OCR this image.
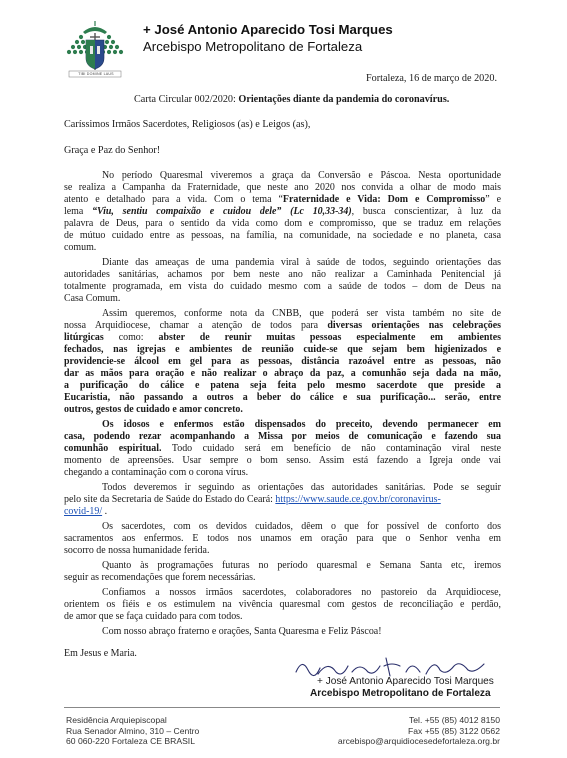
TIBI DOMINE LAUS
+ José Antonio Aparecido Tosi Marques
Arcebispo Metropolitano de Fortaleza
Fortaleza, 16 de março de 2020.
Carta Circular 002/2020: Orientações diante da pandemia do coronavírus.
Caríssimos Irmãos Sacerdotes, Religiosos (as) e Leigos (as),
Graça e Paz do Senhor!
No período Quaresmal viveremos a graça da Conversão e Páscoa. Nesta oportunidade
se realiza a Campanha da Fraternidade, que neste ano 2020 nos convida a olhar de modo mais
atento e detalhado para a vida. Com o tema “Fraternidade e Vida: Dom e Compromisso” e
lema “Viu, sentiu compaixão e cuidou dele” (Lc 10,33-34), busca conscientizar, à luz da
palavra de Deus, para o sentido da vida como dom e compromisso, que se traduz em relações
de mútuo cuidado entre as pessoas, na família, na comunidade, na sociedade e no planeta, casa
comum.
Diante das ameaças de uma pandemia viral à saúde de todos, seguindo orientações das
autoridades sanitárias, achamos por bem neste ano não realizar a Caminhada Penitencial já
totalmente programada, em vista do cuidado mesmo com a saúde de todos – dom de Deus na
Casa Comum.
Assim queremos, conforme nota da CNBB, que poderá ser vista também no site de
nossa Arquidiocese, chamar a atenção de todos para diversas orientações nas celebrações
litúrgicas como: abster de reunir muitas pessoas especialmente em ambientes
fechados, nas igrejas e ambientes de reunião cuide-se que sejam bem higienizados e
providencie-se álcool em gel para as pessoas, distância razoável entre as pessoas, não
dar as mãos para oração e não realizar o abraço da paz, a comunhão seja dada na mão,
a purificação do cálice e patena seja feita pelo mesmo sacerdote que preside a
Eucaristia, não passando a outros a beber do cálice e sua purificação... serão, entre
outros, gestos de cuidado e amor concreto.
Os idosos e enfermos estão dispensados do preceito, devendo permanecer em
casa, podendo rezar acompanhando a Missa por meios de comunicação e fazendo sua
comunhão espiritual. Todo cuidado será em benefício de não contaminação viral neste
momento de apreensões. Usar sempre o bom senso. Assim está fazendo a Igreja onde vai
chegando a contaminação com o corona vírus.
Todos deveremos ir seguindo as orientações das autoridades sanitárias. Pode se seguir
pelo site da Secretaria de Saúde do Estado do Ceará: https://www.saude.ce.gov.br/coronavirus-
covid-19/ .
Os sacerdotes, com os devidos cuidados, dêem o que for possível de conforto dos
sacramentos aos enfermos. E todos nos unamos em oração para que o Senhor venha em
socorro de nossa humanidade ferida.
Quanto às programações futuras no período quaresmal e Semana Santa etc, iremos
seguir as recomendações que forem necessárias.
Confiamos a nossos irmãos sacerdotes, colaboradores no pastoreio da Arquidiocese,
orientem os fiéis e os estimulem na vivência quaresmal com gestos de reconciliação e perdão,
de amor que se faça cuidado para com todos.
Com nosso abraço fraterno e orações, Santa Quaresma e Feliz Páscoa!
Em Jesus e Maria.
+ José Antonio Aparecido Tosi Marques
Arcebispo Metropolitano de Fortaleza
Residência Arquiepiscopal
Rua Senador Almino, 310 – Centro
60 060-220 Fortaleza CE BRASIL
Tel. +55 (85) 4012 8150
Fax +55 (85) 3122 0562
arcebispo@arquidiocesedefortaleza.org.br
